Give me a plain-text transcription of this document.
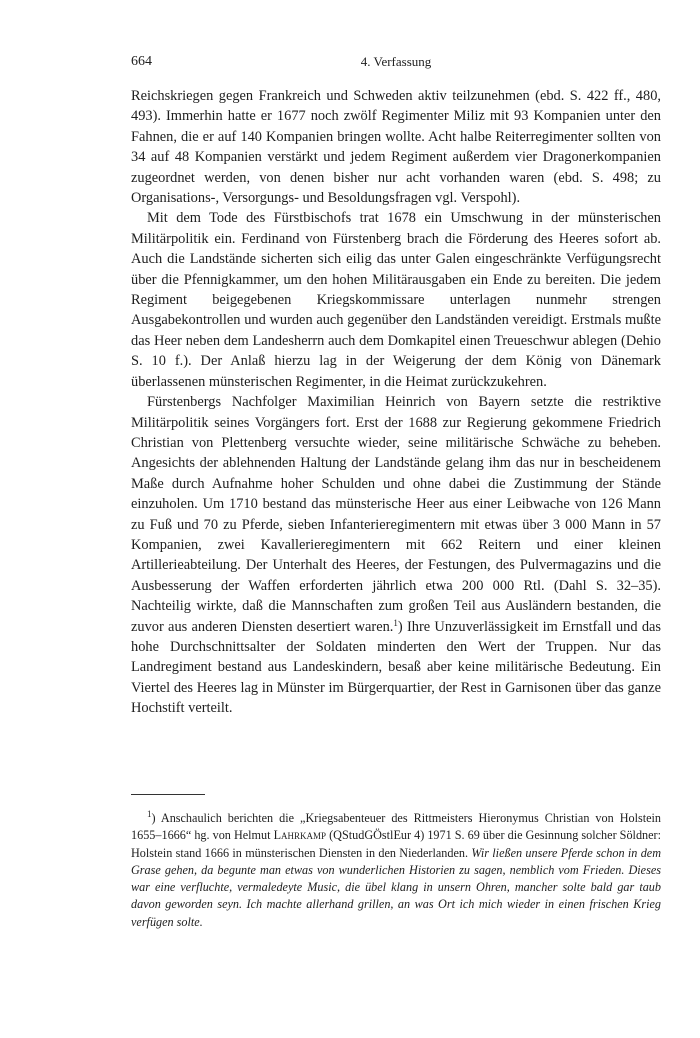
664	4. Verfassung

Reichskriegen gegen Frankreich und Schweden aktiv teilzunehmen (ebd. S. 422 ff., 480, 493). Immerhin hatte er 1677 noch zwölf Regimenter Miliz mit 93 Kompanien unter den Fahnen, die er auf 140 Kompanien bringen wollte. Acht halbe Reiterregimenter sollten von 34 auf 48 Kompanien verstärkt und jedem Regiment außerdem vier Dragonerkompanien zugeordnet werden, von denen bisher nur acht vorhanden waren (ebd. S. 498; zu Organisations-, Versorgungs- und Besoldungsfragen vgl. Verspohl).

Mit dem Tode des Fürstbischofs trat 1678 ein Umschwung in der münsterischen Militärpolitik ein. Ferdinand von Fürstenberg brach die Förderung des Heeres sofort ab. Auch die Landstände sicherten sich eilig das unter Galen eingeschränkte Verfügungsrecht über die Pfennigkammer, um den hohen Militärausgaben ein Ende zu bereiten. Die jedem Regiment beigegebenen Kriegskommissare unterlagen nunmehr strengen Ausgabekontrollen und wurden auch gegenüber den Landständen vereidigt. Erstmals mußte das Heer neben dem Landesherrn auch dem Domkapitel einen Treueschwur ablegen (Dehio S. 10 f.). Der Anlaß hierzu lag in der Weigerung der dem König von Dänemark überlassenen münsterischen Regimenter, in die Heimat zurückzukehren.

Fürstenbergs Nachfolger Maximilian Heinrich von Bayern setzte die restriktive Militärpolitik seines Vorgängers fort. Erst der 1688 zur Regierung gekommene Friedrich Christian von Plettenberg versuchte wieder, seine militärische Schwäche zu beheben. Angesichts der ablehnenden Haltung der Landstände gelang ihm das nur in bescheidenem Maße durch Aufnahme hoher Schulden und ohne dabei die Zustimmung der Stände einzuholen. Um 1710 bestand das münsterische Heer aus einer Leibwache von 126 Mann zu Fuß und 70 zu Pferde, sieben Infanterieregimentern mit etwas über 3 000 Mann in 57 Kompanien, zwei Kavallerieregimentern mit 662 Reitern und einer kleinen Artillerieabteilung. Der Unterhalt des Heeres, der Festungen, des Pulvermagazins und die Ausbesserung der Waffen erforderten jährlich etwa 200 000 Rtl. (Dahl S. 32–35). Nachteilig wirkte, daß die Mannschaften zum großen Teil aus Ausländern bestanden, die zuvor aus anderen Diensten desertiert waren.$^1$) Ihre Unzuverlässigkeit im Ernstfall und das hohe Durchschnittsalter der Soldaten minderten den Wert der Truppen. Nur das Landregiment bestand aus Landeskindern, besaß aber keine militärische Bedeutung. Ein Viertel des Heeres lag in Münster im Bürgerquartier, der Rest in Garnisonen über das ganze Hochstift verteilt.

$^1$) Anschaulich berichten die „Kriegsabenteuer des Rittmeisters Hieronymus Christian von Holstein 1655–1666“ hg. von Helmut Lahrkamp (QStudGÖstlEur 4) 1971 S. 69 über die Gesinnung solcher Söldner: Holstein stand 1666 in münsterischen Diensten in den Niederlanden. Wir ließen unsere Pferde schon in dem Grase gehen, da begunte man etwas von wunderlichen Historien zu sagen, nemblich vom Frieden. Dieses war eine verfluchte, vermaledeyte Music, die übel klang in unsern Ohren, mancher solte bald gar taub davon geworden seyn. Ich machte allerhand grillen, an was Ort ich mich wieder in einen frischen Krieg verfügen solte.
